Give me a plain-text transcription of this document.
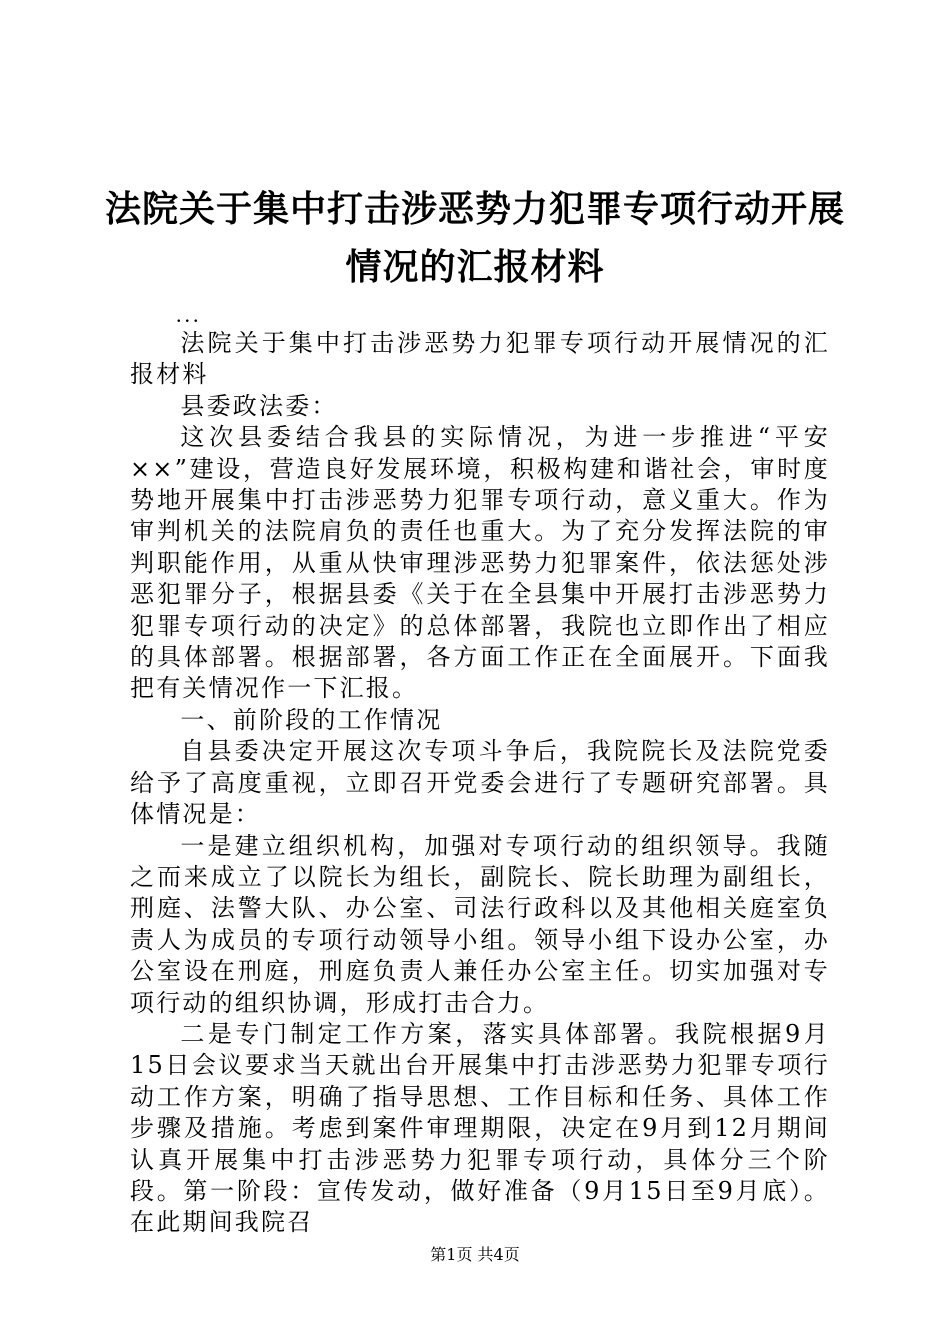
法院关于集中打击涉恶势力犯罪专项行动开展
情况的汇报材料
...

法院关于集中打击涉恶势力犯罪专项行动开展情况的汇报材料

县委政法委：

这次县委结合我县的实际情况，为进一步推进“平安××”建设，营造良好发展环境，积极构建和谐社会，审时度势地开展集中打击涉恶势力犯罪专项行动，意义重大。作为审判机关的法院肩负的责任也重大。为了充分发挥法院的审判职能作用，从重从快审理涉恶势力犯罪案件，依法惩处涉恶犯罪分子，根据县委《关于在全县集中开展打击涉恶势力犯罪专项行动的决定》的总体部署，我院也立即作出了相应的具体部署。根据部署，各方面工作正在全面展开。下面我把有关情况作一下汇报。

一、前阶段的工作情况

自县委决定开展这次专项斗争后，我院院长及法院党委给予了高度重视，立即召开党委会进行了专题研究部署。具体情况是：

一是建立组织机构，加强对专项行动的组织领导。我随之而来成立了以院长为组长，副院长、院长助理为副组长，刑庭、法警大队、办公室、司法行政科以及其他相关庭室负责人为成员的专项行动领导小组。领导小组下设办公室，办公室设在刑庭，刑庭负责人兼任办公室主任。切实加强对专项行动的组织协调，形成打击合力。

二是专门制定工作方案，落实具体部署。我院根据9月15日会议要求当天就出台开展集中打击涉恶势力犯罪专项行动工作方案，明确了指导思想、工作目标和任务、具体工作步骤及措施。考虑到案件审理期限，决定在9月到12月期间认真开展集中打击涉恶势力犯罪专项行动，具体分三个阶段。第一阶段：宣传发动，做好准备（9月15日至9月底）。在此期间我院召

第1页 共4页
